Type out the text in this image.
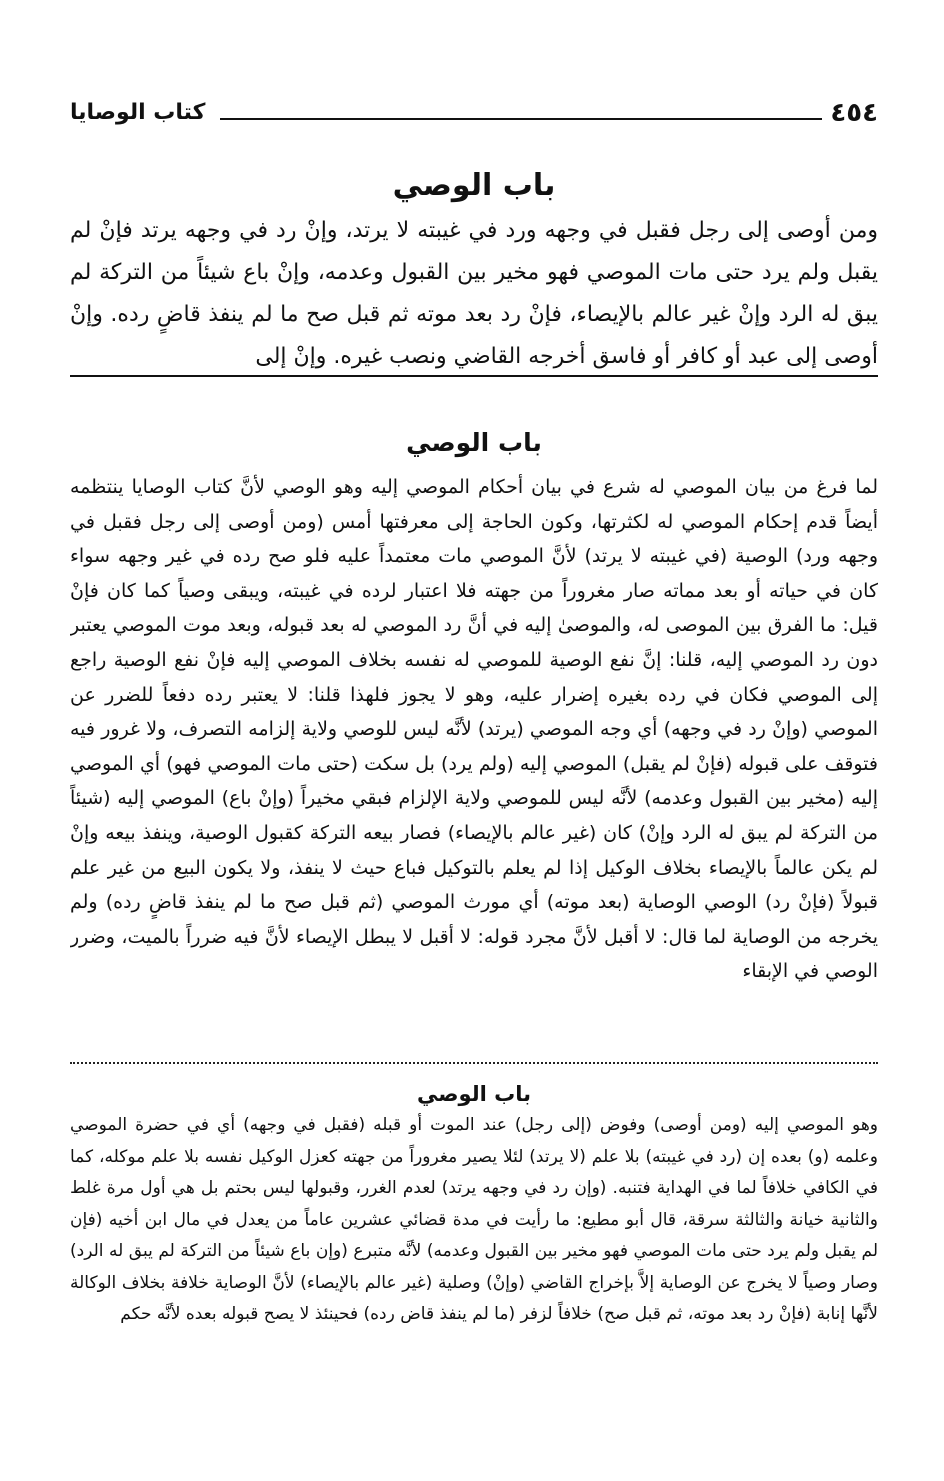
٤٥٤
كتاب الوصايا
باب الوصي

ومن أوصى إلى رجل فقبل في وجهه ورد في غيبته لا يرتد، وإنْ رد في وجهه يرتد فإنْ لم يقبل ولم يرد حتى مات الموصي فهو مخير بين القبول وعدمه، وإنْ باع شيئاً من التركة لم يبق له الرد وإنْ غير عالم بالإيصاء، فإنْ رد بعد موته ثم قبل صح ما لم ينفذ قاضٍ رده. وإنْ أوصى إلى عبد أو كافر أو فاسق أخرجه القاضي ونصب غيره. وإنْ إلى

باب الوصي

لما فرغ من بيان الموصي له شرع في بيان أحكام الموصي إليه وهو الوصي لأنَّ كتاب الوصايا ينتظمه أيضاً قدم إحكام الموصي له لكثرتها، وكون الحاجة إلى معرفتها أمس (ومن أوصى إلى رجل فقبل في وجهه ورد) الوصية (في غيبته لا يرتد) لأنَّ الموصي مات معتمداً عليه فلو صح رده في غير وجهه سواء كان في حياته أو بعد مماته صار مغروراً من جهته فلا اعتبار لرده في غيبته، ويبقى وصياً كما كان فإنْ قيل: ما الفرق بين الموصى له، والموصىٰ إليه في أنَّ رد الموصي له بعد قبوله، وبعد موت الموصي يعتبر دون رد الموصي إليه، قلنا: إنَّ نفع الوصية للموصي له نفسه بخلاف الموصي إليه فإنْ نفع الوصية راجع إلى الموصي فكان في رده بغيره إضرار عليه، وهو لا يجوز فلهذا قلنا: لا يعتبر رده دفعاً للضرر عن الموصي (وإنْ رد في وجهه) أي وجه الموصي (يرتد) لأنَّه ليس للوصي ولاية إلزامه التصرف، ولا غرور فيه فتوقف على قبوله (فإنْ لم يقبل) الموصي إليه (ولم يرد) بل سكت (حتى مات الموصي فهو) أي الموصي إليه (مخير بين القبول وعدمه) لأنَّه ليس للموصي ولاية الإلزام فبقي مخيراً (وإنْ باع) الموصي إليه (شيئاً من التركة لم يبق له الرد وإنْ) كان (غير عالم بالإيصاء) فصار بيعه التركة كقبول الوصية، وينفذ بيعه وإنْ لم يكن عالماً بالإيصاء بخلاف الوكيل إذا لم يعلم بالتوكيل فباع حيث لا ينفذ، ولا يكون البيع من غير علم قبولاً (فإنْ رد) الوصي الوصاية (بعد موته) أي مورث الموصي (ثم قبل صح ما لم ينفذ قاضٍ رده) ولم يخرجه من الوصاية لما قال: لا أقبل لأنَّ مجرد قوله: لا أقبل لا يبطل الإيصاء لأنَّ فيه ضرراً بالميت، وضرر الوصي في الإبقاء

باب الوصي

وهو الموصي إليه (ومن أوصى) وفوض (إلى رجل) عند الموت أو قبله (فقبل في وجهه) أي في حضرة الموصي وعلمه (و) بعده إن (رد في غيبته) بلا علم (لا يرتد) لئلا يصير مغروراً من جهته كعزل الوكيل نفسه بلا علم موكله، كما في الكافي خلافاً لما في الهداية فتنبه. (وإن رد في وجهه يرتد) لعدم الغرر، وقبولها ليس بحتم بل هي أول مرة غلط والثانية خيانة والثالثة سرقة، قال أبو مطيع: ما رأيت في مدة قضائي عشرين عاماً من يعدل في مال ابن أخيه (فإن لم يقبل ولم يرد حتى مات الموصي فهو مخير بين القبول وعدمه) لأنَّه متبرع (وإن باع شيئاً من التركة لم يبق له الرد) وصار وصياً لا يخرج عن الوصاية إلاَّ بإخراج القاضي (وإنْ) وصلية (غير عالم بالإيصاء) لأنَّ الوصاية خلافة بخلاف الوكالة لأنَّها إنابة (فإنْ رد بعد موته، ثم قبل صح) خلافاً لزفر (ما لم ينفذ قاض رده) فحينئذ لا يصح قبوله بعده لأنَّه حكم
